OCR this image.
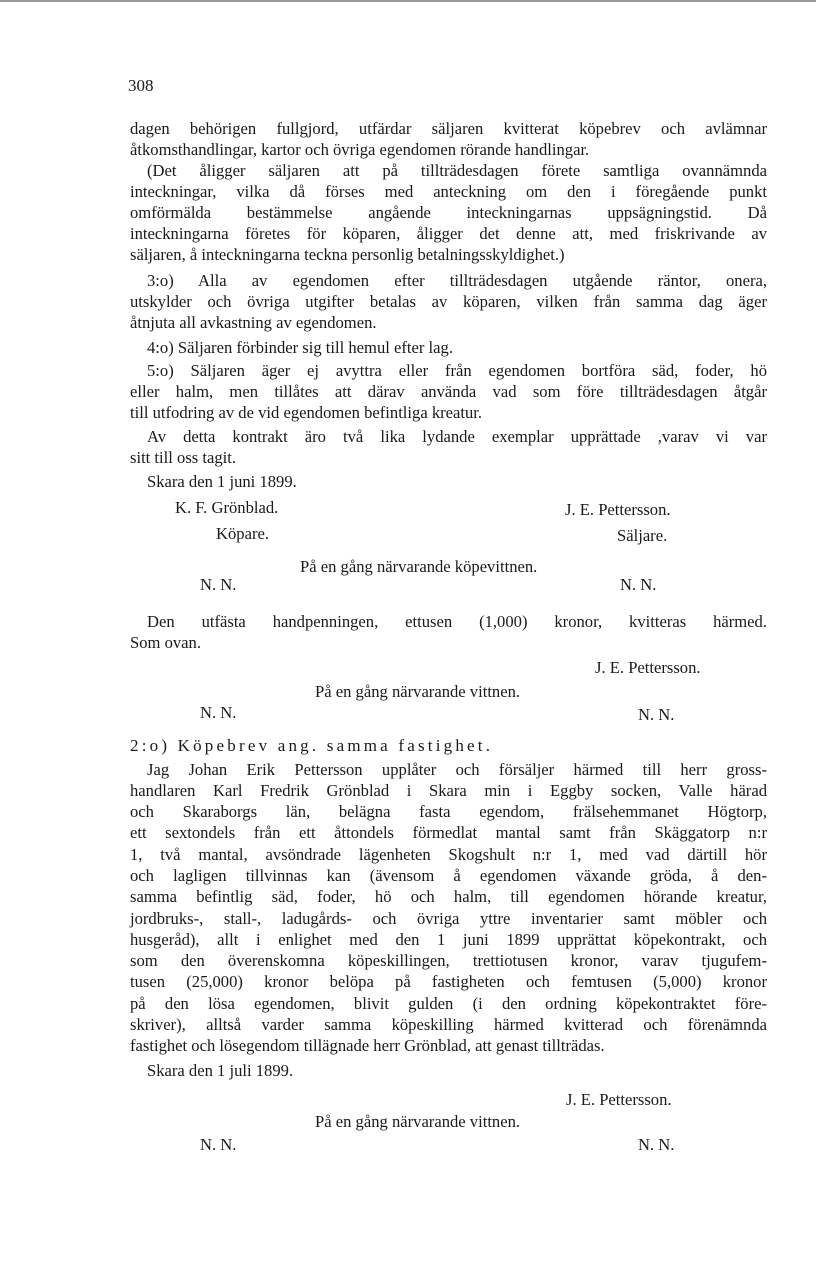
308
dagen behörigen fullgjord, utfärdar säljaren kvitterat köpebrev och avlämnar
åtkomsthandlingar, kartor och övriga egendomen rörande handlingar.
(Det åligger säljaren att på tillträdesdagen förete samtliga ovannämnda
inteckningar, vilka då förses med anteckning om den i föregående punkt
omförmälda bestämmelse angående inteckningarnas uppsägningstid. Då
inteckningarna företes för köparen, åligger det denne att, med friskrivande av
säljaren, å inteckningarna teckna personlig betalningsskyldighet.)
3:o) Alla av egendomen efter tillträdesdagen utgående räntor, onera,
utskylder och övriga utgifter betalas av köparen, vilken från samma dag äger
åtnjuta all avkastning av egendomen.
4:o) Säljaren förbinder sig till hemul efter lag.
5:o) Säljaren äger ej avyttra eller från egendomen bortföra säd, foder, hö
eller halm, men tillåtes att därav använda vad som före tillträdesdagen åtgår
till utfodring av de vid egendomen befintliga kreatur.
Av detta kontrakt äro två lika lydande exemplar upprättade ,varav vi var
sitt till oss tagit.
Skara den 1 juni 1899.
K. F. Grönblad.	J. E. Pettersson.
Köpare.	Säljare.
På en gång närvarande köpevittnen.
N. N.	N. N.
Den utfästa handpenningen, ettusen (1,000) kronor, kvitteras härmed.
Som ovan.
J. E. Pettersson.
På en gång närvarande vittnen.
N. N.	N. N.
2:o) Köpebrev ang. samma fastighet.
Jag Johan Erik Pettersson upplåter och försäljer härmed till herr gross-
handlaren Karl Fredrik Grönblad i Skara min i Eggby socken, Valle härad
och Skaraborgs län, belägna fasta egendom, frälsehemmanet Högtorp,
ett sextondels från ett åttondels förmedlat mantal samt från Skäggatorp n:r
1, två mantal, avsöndrade lägenheten Skogshult n:r 1, med vad därtill hör
och lagligen tillvinnas kan (ävensom å egendomen växande gröda, å den-
samma befintlig säd, foder, hö och halm, till egendomen hörande kreatur,
jordbruks-, stall-, ladugårds- och övriga yttre inventarier samt möbler och
husgeråd), allt i enlighet med den 1 juni 1899 upprättat köpekontrakt, och
som den överenskomna köpeskillingen, trettiotusen kronor, varav tjugufem-
tusen (25,000) kronor belöpa på fastigheten och femtusen (5,000) kronor
på den lösa egendomen, blivit gulden (i den ordning köpekontraktet före-
skriver), alltså varder samma köpeskilling härmed kvitterad och förenämnda
fastighet och lösegendom tillägnade herr Grönblad, att genast tillträdas.
Skara den 1 juli 1899.
J. E. Pettersson.
På en gång närvarande vittnen.
N. N.	N. N.
